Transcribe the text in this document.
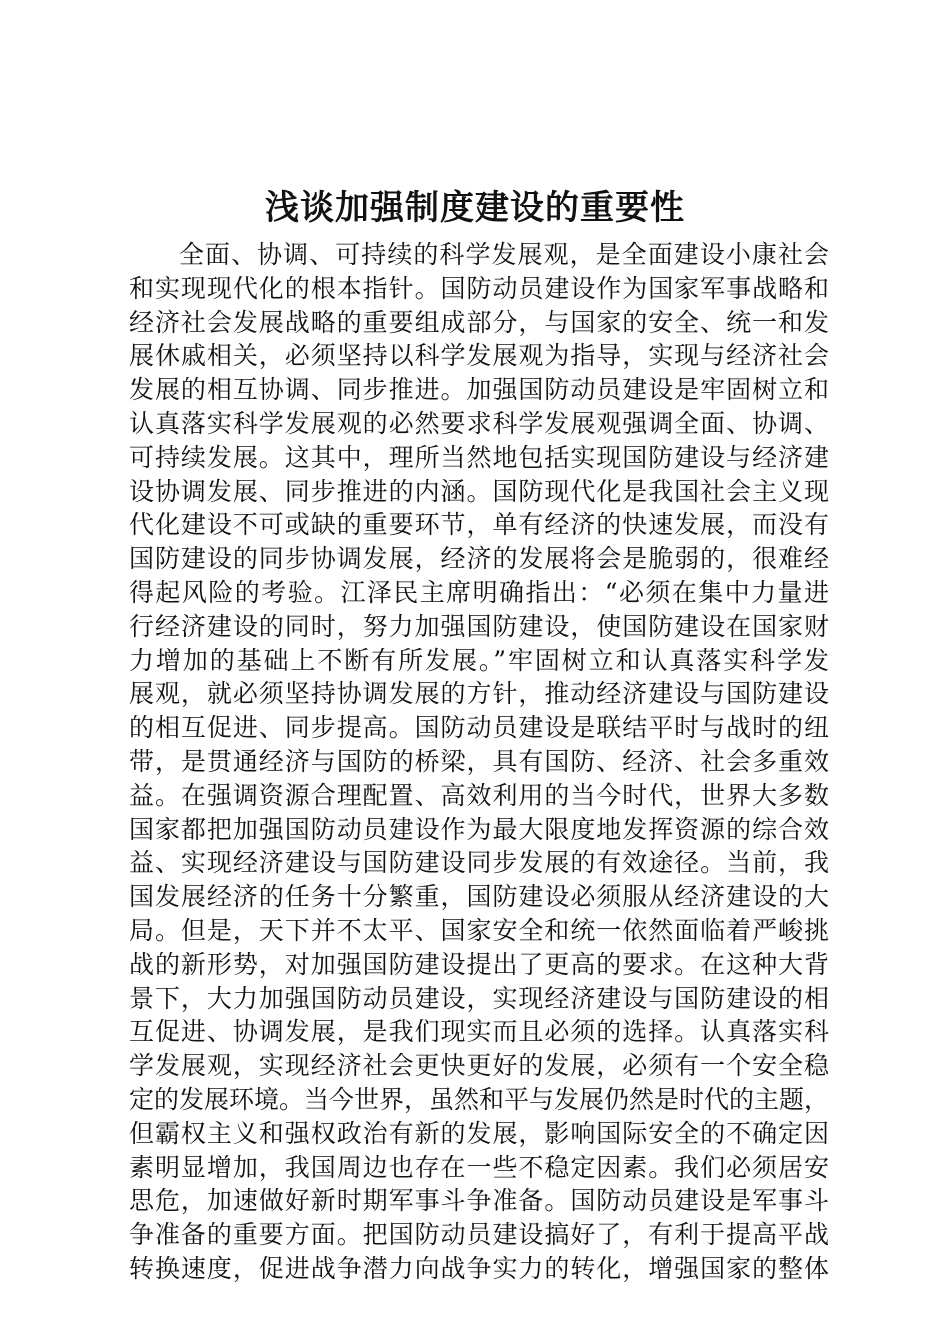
浅谈加强制度建设的重要性
全面、协调、可持续的科学发展观，是全面建设小康社会
和实现现代化的根本指针。国防动员建设作为国家军事战略和
经济社会发展战略的重要组成部分，与国家的安全、统一和发
展休戚相关，必须坚持以科学发展观为指导，实现与经济社会
发展的相互协调、同步推进。加强国防动员建设是牢固树立和
认真落实科学发展观的必然要求科学发展观强调全面、协调、
可持续发展。这其中，理所当然地包括实现国防建设与经济建
设协调发展、同步推进的内涵。国防现代化是我国社会主义现
代化建设不可或缺的重要环节，单有经济的快速发展，而没有
国防建设的同步协调发展，经济的发展将会是脆弱的，很难经
得起风险的考验。江泽民主席明确指出：“必须在集中力量进
行经济建设的同时，努力加强国防建设，使国防建设在国家财
力增加的基础上不断有所发展。”牢固树立和认真落实科学发
展观，就必须坚持协调发展的方针，推动经济建设与国防建设
的相互促进、同步提高。国防动员建设是联结平时与战时的纽
带，是贯通经济与国防的桥梁，具有国防、经济、社会多重效
益。在强调资源合理配置、高效利用的当今时代，世界大多数
国家都把加强国防动员建设作为最大限度地发挥资源的综合效
益、实现经济建设与国防建设同步发展的有效途径。当前，我
国发展经济的任务十分繁重，国防建设必须服从经济建设的大
局。但是，天下并不太平、国家安全和统一依然面临着严峻挑
战的新形势，对加强国防建设提出了更高的要求。在这种大背
景下，大力加强国防动员建设，实现经济建设与国防建设的相
互促进、协调发展，是我们现实而且必须的选择。认真落实科
学发展观，实现经济社会更快更好的发展，必须有一个安全稳
定的发展环境。当今世界，虽然和平与发展仍然是时代的主题，
但霸权主义和强权政治有新的发展，影响国际安全的不确定因
素明显增加，我国周边也存在一些不稳定因素。我们必须居安
思危，加速做好新时期军事斗争准备。国防动员建设是军事斗
争准备的重要方面。把国防动员建设搞好了，有利于提高平战
转换速度，促进战争潜力向战争实力的转化，增强国家的整体
